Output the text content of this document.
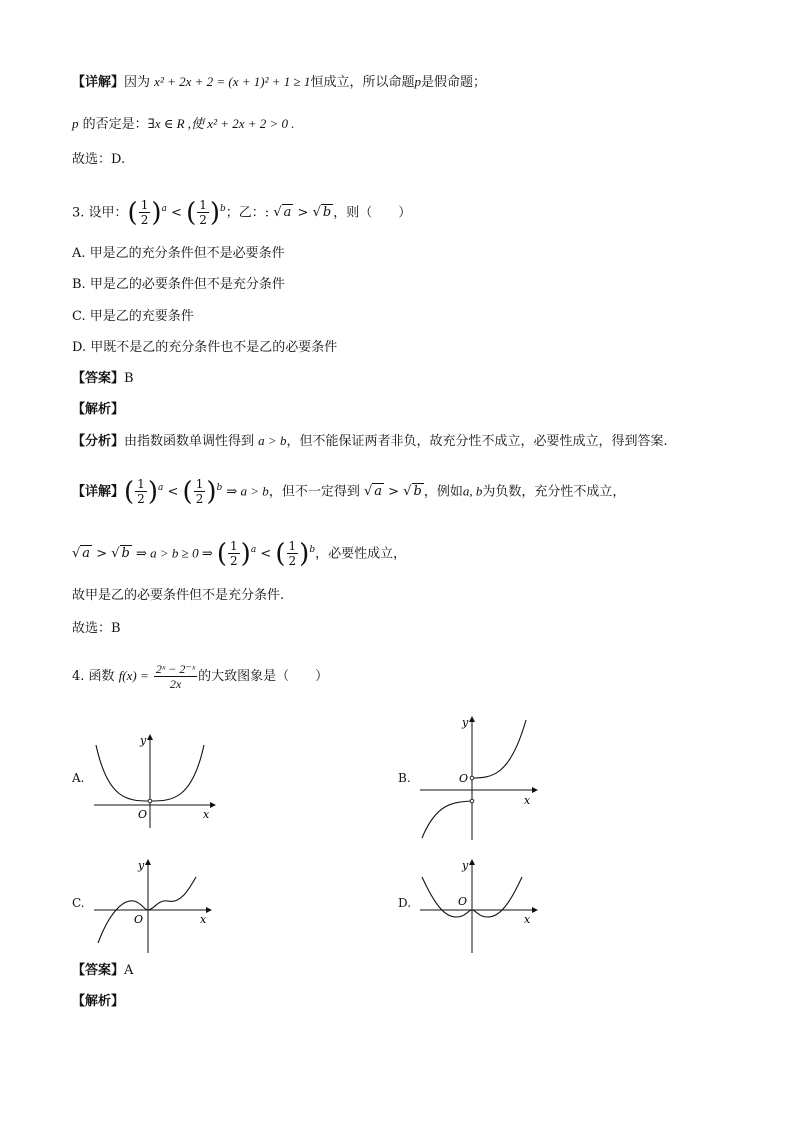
【详解】因为 x² + 2x + 2 = (x + 1)² + 1 ≥ 1恒成立，所以命题p是假命题；
p 的否定是：∃x ∈ R ,使 x² + 2x + 2 > 0 .
故选：D.
3. 设甲：( $\frac{1}{2} )^a$ < ( $\frac{1}{2} )^b$；乙：: √ a > √ b ，则（　　）
A. 甲是乙的充分条件但不是必要条件
B. 甲是乙的必要条件但不是充分条件
C. 甲是乙的充要条件
D. 甲既不是乙的充分条件也不是乙的必要条件
【答案】B
【解析】
【分析】由指数函数单调性得到 a > b，但不能保证两者非负，故充分性不成立，必要性成立，得到答案.
【详解】( $\frac{1}{2} )^a$ < ( $\frac{1}{2} )^b$ ⇒ a > b，但不一定得到 √ a > √ b ，例如a, b为负数，充分性不成立，
√ a > √ b ⇒ a > b ≥ 0 ⇒ ( $\frac{1}{2} )^a$ < ( $\frac{1}{2} )^b$，必要性成立，
故甲是乙的必要条件但不是充分条件.
故选：B
4. 函数 $f(x) = \frac{\text{2ˣ − 2⁻ˣ}}{2x}$ 的大致图象是（　　）
A.	B.
C.	D.
x
y
O
x
y
O
x
y
O	x
y
O
【答案】A
【解析】
